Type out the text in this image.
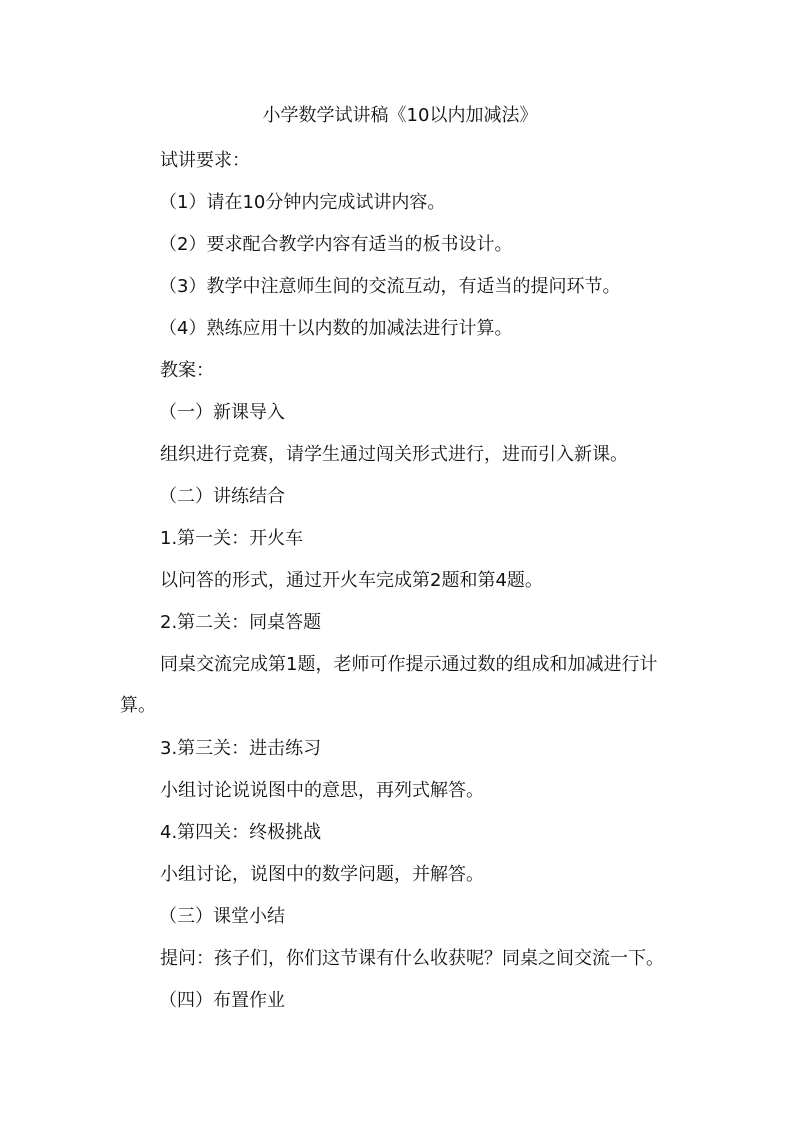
小学数学试讲稿《10以内加减法》
试讲要求：
（1）请在10分钟内完成试讲内容。
（2）要求配合教学内容有适当的板书设计。
（3）教学中注意师生间的交流互动，有适当的提问环节。
（4）熟练应用十以内数的加减法进行计算。
教案：
（一）新课导入
组织进行竞赛，请学生通过闯关形式进行，进而引入新课。
（二）讲练结合
1.第一关：开火车
以问答的形式，通过开火车完成第2题和第4题。
2.第二关：同桌答题
同桌交流完成第1题，老师可作提示通过数的组成和加减进行计
算。
3.第三关：进击练习
小组讨论说说图中的意思，再列式解答。
4.第四关：终极挑战
小组讨论，说图中的数学问题，并解答。
（三）课堂小结
提问：孩子们，你们这节课有什么收获呢？同桌之间交流一下。
（四）布置作业
